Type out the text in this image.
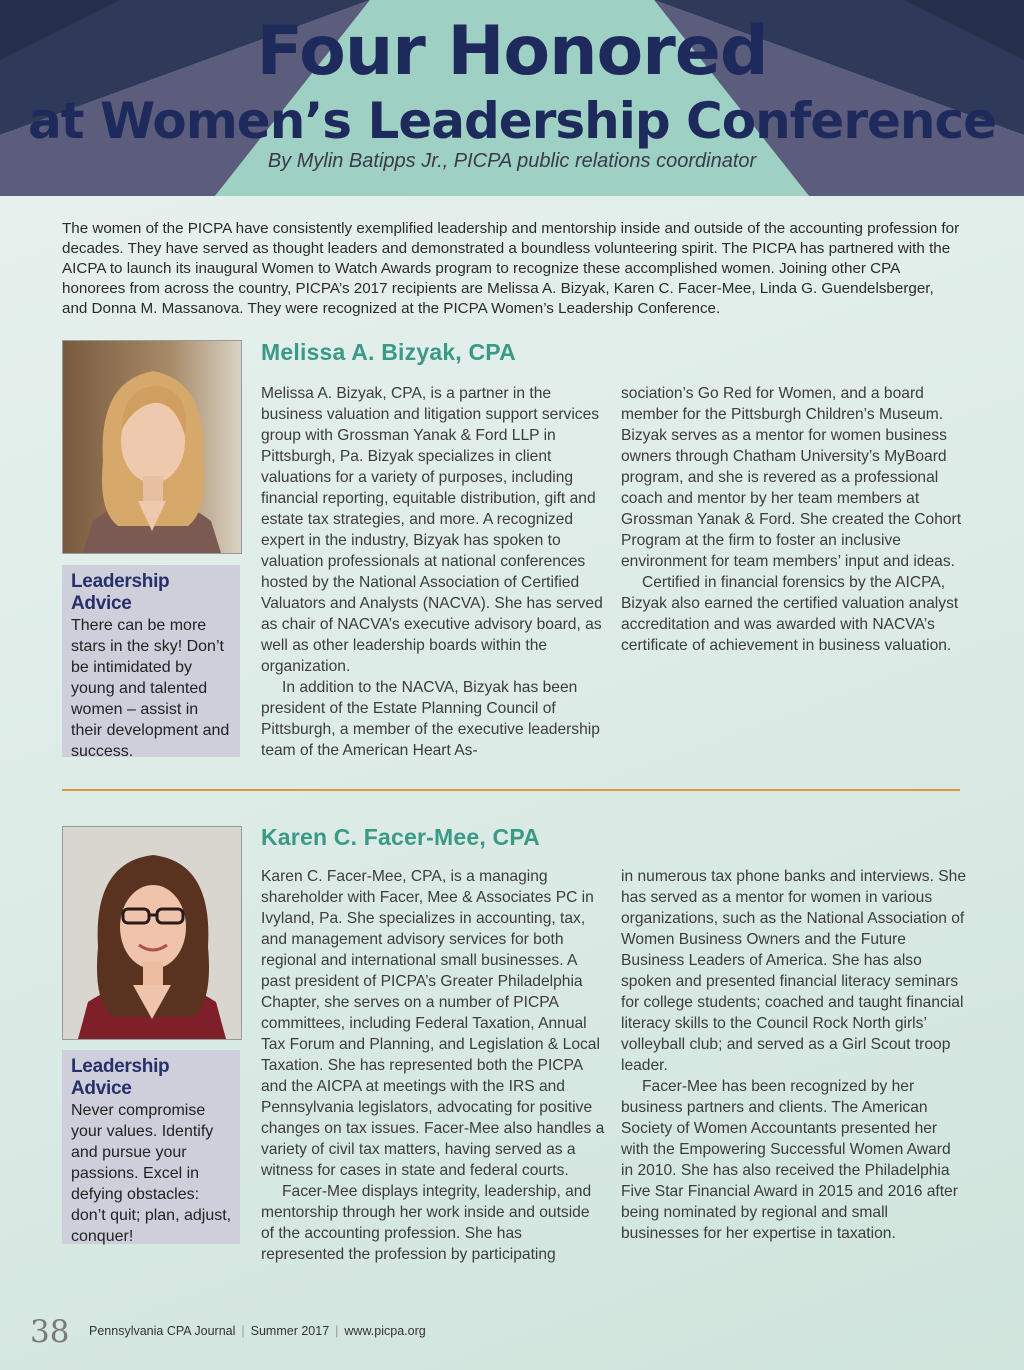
Four Honored
at Women’s Leadership Conference
By Mylin Batipps Jr., PICPA public relations coordinator
The women of the PICPA have consistently exemplified leadership and mentorship inside and outside of the accounting profession for decades. They have served as thought leaders and demonstrated a boundless volunteering spirit. The PICPA has partnered with the AICPA to launch its inaugural Women to Watch Awards program to recognize these accomplished women. Joining other CPA honorees from across the country, PICPA’s 2017 recipients are Melissa A. Bizyak, Karen C. Facer-Mee, Linda G. Guendelsberger, and Donna M. Massanova. They were recognized at the PICPA Women’s Leadership Conference.
Leadership Advice
There can be more stars in the sky! Don’t be intimidated by young and talented women – assist in their development and success.
Melissa A. Bizyak, CPA

Melissa A. Bizyak, CPA, is a partner in the business valuation and litigation support services group with Grossman Yanak & Ford LLP in Pittsburgh, Pa. Bizyak specializes in client valuations for a variety of purposes, including financial reporting, equitable distribution, gift and estate tax strategies, and more. A recognized expert in the industry, Bizyak has spoken to valuation professionals at national conferences hosted by the National Association of Certified Valuators and Analysts (NACVA). She has served as chair of NACVA’s executive advisory board, as well as other leadership boards within the organization.

In addition to the NACVA, Bizyak has been president of the Estate Planning Council of Pittsburgh, a member of the executive leadership team of the American Heart As-

sociation’s Go Red for Women, and a board member for the Pittsburgh Children’s Museum. Bizyak serves as a mentor for women business owners through Chatham University’s MyBoard program, and she is revered as a professional coach and mentor by her team members at Grossman Yanak & Ford. She created the Cohort Program at the firm to foster an inclusive environment for team members’ input and ideas.

Certified in financial forensics by the AICPA, Bizyak also earned the certified valuation analyst accreditation and was awarded with NACVA’s certificate of achievement in business valuation.

Leadership Advice
Never compromise your values. Identify and pursue your passions. Excel in defying obstacles: don’t quit; plan, adjust, conquer!
Karen C. Facer-Mee, CPA

Karen C. Facer-Mee, CPA, is a managing shareholder with Facer, Mee & Associates PC in Ivyland, Pa. She specializes in accounting, tax, and management advisory services for both regional and international small businesses. A past president of PICPA’s Greater Philadelphia Chapter, she serves on a number of PICPA committees, including Federal Taxation, Annual Tax Forum and Planning, and Legislation & Local Taxation. She has represented both the PICPA and the AICPA at meetings with the IRS and Pennsylvania legislators, advocating for positive changes on tax issues. Facer-Mee also handles a variety of civil tax matters, having served as a witness for cases in state and federal courts.

Facer-Mee displays integrity, leadership, and mentorship through her work inside and outside of the accounting profession. She has represented the profession by participating

in numerous tax phone banks and interviews. She has served as a mentor for women in various organizations, such as the National Association of Women Business Owners and the Future Business Leaders of America. She has also spoken and presented financial literacy seminars for college students; coached and taught financial literacy skills to the Council Rock North girls’ volleyball club; and served as a Girl Scout troop leader.

Facer-Mee has been recognized by her business partners and clients. The American Society of Women Accountants presented her with the Empowering Successful Women Award in 2010. She has also received the Philadelphia Five Star Financial Award in 2015 and 2016 after being nominated by regional and small businesses for her expertise in taxation.

38 Pennsylvania CPA Journal | Summer 2017 | www.picpa.org
